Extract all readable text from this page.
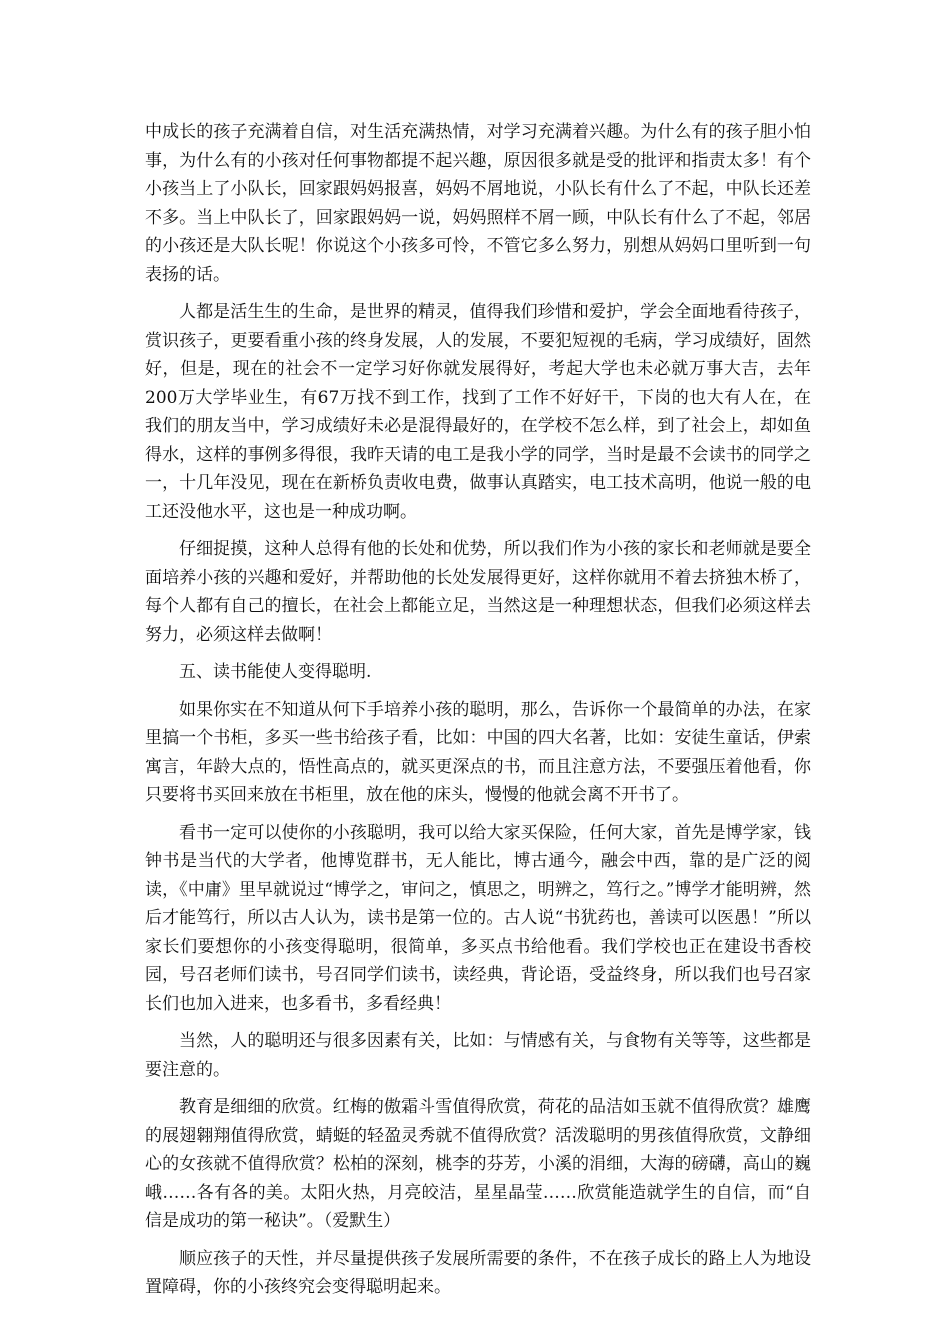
中成长的孩子充满着自信，对生活充满热情，对学习充满着兴趣。为什么有的孩子胆小怕事，为什么有的小孩对任何事物都提不起兴趣，原因很多就是受的批评和指责太多！有个小孩当上了小队长，回家跟妈妈报喜，妈妈不屑地说，小队长有什么了不起，中队长还差不多。当上中队长了，回家跟妈妈一说，妈妈照样不屑一顾，中队长有什么了不起，邻居的小孩还是大队长呢！你说这个小孩多可怜，不管它多么努力，别想从妈妈口里听到一句表扬的话。

人都是活生生的生命，是世界的精灵，值得我们珍惜和爱护，学会全面地看待孩子，赏识孩子，更要看重小孩的终身发展，人的发展，不要犯短视的毛病，学习成绩好，固然好，但是，现在的社会不一定学习好你就发展得好，考起大学也未必就万事大吉，去年200万大学毕业生，有67万找不到工作，找到了工作不好好干，下岗的也大有人在，在我们的朋友当中，学习成绩好未必是混得最好的，在学校不怎么样，到了社会上，却如鱼得水，这样的事例多得很，我昨天请的电工是我小学的同学，当时是最不会读书的同学之一，十几年没见，现在在新桥负责收电费，做事认真踏实，电工技术高明，他说一般的电工还没他水平，这也是一种成功啊。

仔细捉摸，这种人总得有他的长处和优势，所以我们作为小孩的家长和老师就是要全面培养小孩的兴趣和爱好，并帮助他的长处发展得更好，这样你就用不着去挤独木桥了，每个人都有自己的擅长，在社会上都能立足，当然这是一种理想状态，但我们必须这样去努力，必须这样去做啊！

五、读书能使人变得聪明.

如果你实在不知道从何下手培养小孩的聪明，那么，告诉你一个最简单的办法，在家里搞一个书柜，多买一些书给孩子看，比如：中国的四大名著，比如：安徒生童话，伊索寓言，年龄大点的，悟性高点的，就买更深点的书，而且注意方法，不要强压着他看，你只要将书买回来放在书柜里，放在他的床头，慢慢的他就会离不开书了。

看书一定可以使你的小孩聪明，我可以给大家买保险，任何大家，首先是博学家，钱钟书是当代的大学者，他博览群书，无人能比，博古通今，融会中西，靠的是广泛的阅读，《中庸》里早就说过“博学之，审问之，慎思之，明辨之，笃行之。”博学才能明辨，然后才能笃行，所以古人认为，读书是第一位的。古人说“书犹药也，善读可以医愚！”所以家长们要想你的小孩变得聪明，很简单，多买点书给他看。我们学校也正在建设书香校园，号召老师们读书，号召同学们读书，读经典，背论语，受益终身，所以我们也号召家长们也加入进来，也多看书，多看经典！

当然，人的聪明还与很多因素有关，比如：与情感有关，与食物有关等等，这些都是要注意的。

教育是细细的欣赏。红梅的傲霜斗雪值得欣赏，荷花的品洁如玉就不值得欣赏？雄鹰的展翅翱翔值得欣赏，蜻蜓的轻盈灵秀就不值得欣赏？活泼聪明的男孩值得欣赏，文静细心的女孩就不值得欣赏？松柏的深刻，桃李的芬芳，小溪的涓细，大海的磅礴，高山的巍峨……各有各的美。太阳火热，月亮皎洁，星星晶莹……欣赏能造就学生的自信，而“自信是成功的第一秘诀”。（爱默生）

顺应孩子的天性，并尽量提供孩子发展所需要的条件，不在孩子成长的路上人为地设置障碍，你的小孩终究会变得聪明起来。
